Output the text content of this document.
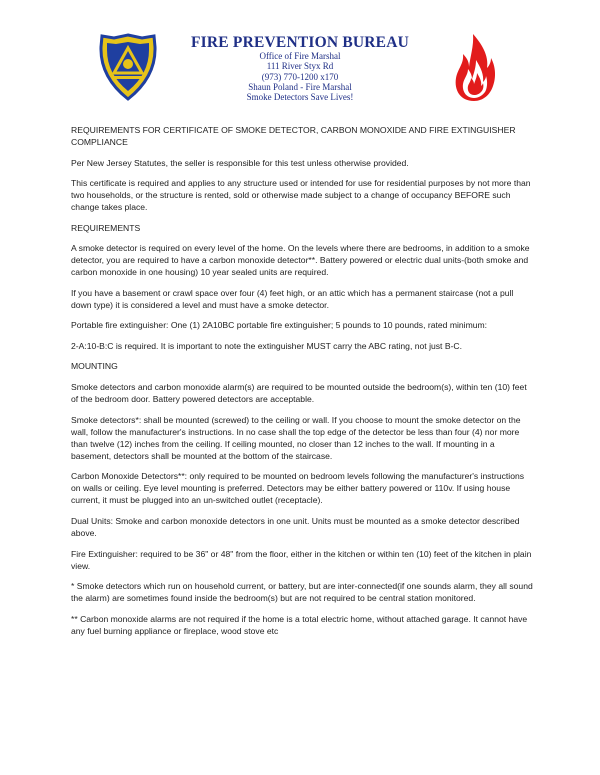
FIRE PREVENTION BUREAU
Office of Fire Marshal
111 River Styx Rd
(973) 770-1200 x170
Shaun Poland - Fire Marshal
Smoke Detectors Save Lives!

REQUIREMENTS FOR CERTIFICATE OF SMOKE DETECTOR, CARBON MONOXIDE AND FIRE EXTINGUISHER COMPLIANCE

Per New Jersey Statutes, the seller is responsible for this test unless otherwise provided.

This certificate is required and applies to any structure used or intended for use for residential purposes by not more than two households, or the structure is rented, sold or otherwise made subject to a change of occupancy BEFORE such change takes place.

REQUIREMENTS

A smoke detector is required on every level of the home. On the levels where there are bedrooms, in addition to a smoke detector, you are required to have a carbon monoxide detector**. Battery powered or electric dual units-(both smoke and carbon monoxide in one housing) 10 year sealed units are required.

If you have a basement or crawl space over four (4) feet high, or an attic which has a permanent staircase (not a pull down type) it is considered a level and must have a smoke detector.

Portable fire extinguisher: One (1) 2A10BC portable fire extinguisher; 5 pounds to 10 pounds, rated minimum:

2-A:10-B:C is required. It is important to note the extinguisher MUST carry the ABC rating, not just B-C.

MOUNTING

Smoke detectors and carbon monoxide alarm(s) are required to be mounted outside the bedroom(s), within ten (10) feet of the bedroom door. Battery powered detectors are acceptable.

Smoke detectors*: shall be mounted (screwed) to the ceiling or wall. If you choose to mount the smoke detector on the wall, follow the manufacturer's instructions. In no case shall the top edge of the detector be less than four (4) nor more than twelve (12) inches from the ceiling. If ceiling mounted, no closer than 12 inches to the wall. If mounting in a basement, detectors shall be mounted at the bottom of the staircase.

Carbon Monoxide Detectors**: only required to be mounted on bedroom levels following the manufacturer's instructions on walls or ceiling. Eye level mounting is preferred. Detectors may be either battery powered or 110v. If using house current, it must be plugged into an un-switched outlet (receptacle).

Dual Units: Smoke and carbon monoxide detectors in one unit. Units must be mounted as a smoke detector described above.

Fire Extinguisher: required to be 36" or 48" from the floor, either in the kitchen or within ten (10) feet of the kitchen in plain view.

* Smoke detectors which run on household current, or battery, but are inter-connected(if one sounds alarm, they all sound the alarm) are sometimes found inside the bedroom(s) but are not required to be central station monitored.

** Carbon monoxide alarms are not required if the home is a total electric home, without attached garage. It cannot have any fuel burning appliance or fireplace, wood stove etc
